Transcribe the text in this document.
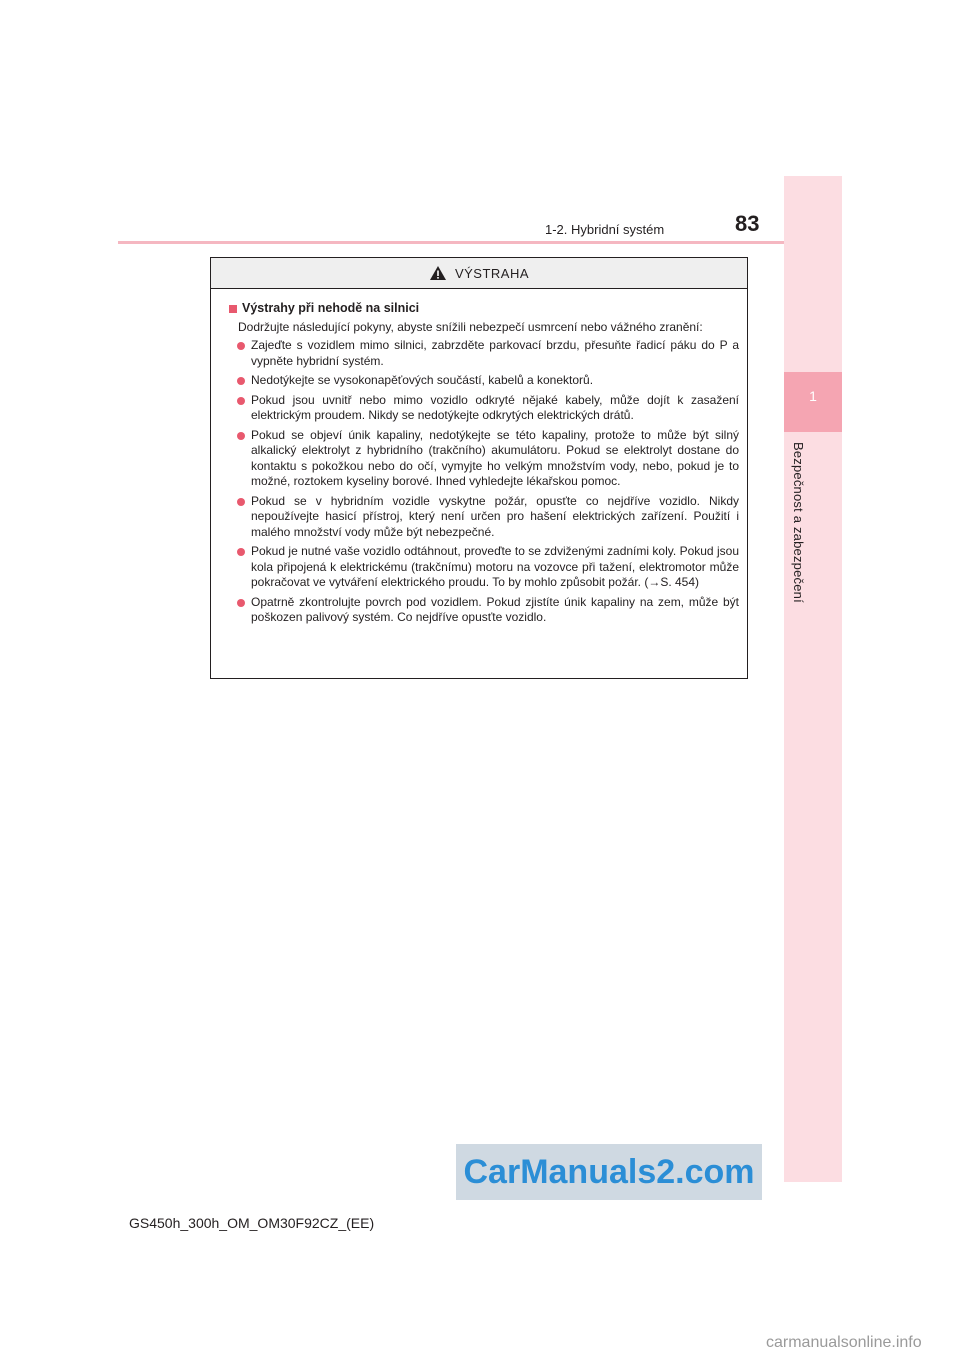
1
Bezpečnost a zabezpečení
1-2. Hybridní systém	83
VÝSTRAHA
Výstrahy při nehodě na silnici
Dodržujte následující pokyny, abyste snížili nebezpečí usmrcení nebo vážného zranění:
Zajeďte s vozidlem mimo silnici, zabrzděte parkovací brzdu, přesuňte řadicí páku do P a vypněte hybridní systém.
Nedotýkejte se vysokonapěťových součástí, kabelů a konektorů.
Pokud jsou uvnitř nebo mimo vozidlo odkryté nějaké kabely, může dojít k zasažení elektrickým proudem. Nikdy se nedotýkejte odkrytých elektrických drátů.
Pokud se objeví únik kapaliny, nedotýkejte se této kapaliny, protože to může být silný alkalický elektrolyt z hybridního (trakčního) akumulátoru. Pokud se elektrolyt dostane do kontaktu s pokožkou nebo do očí, vymyjte ho velkým množstvím vody, nebo, pokud je to možné, roztokem kyseliny borové. Ihned vyhledejte lékařskou pomoc.
Pokud se v hybridním vozidle vyskytne požár, opusťte co nejdříve vozidlo. Nikdy nepoužívejte hasicí přístroj, který není určen pro hašení elektrických zařízení. Použití i malého množství vody může být nebezpečné.
Pokud je nutné vaše vozidlo odtáhnout, proveďte to se zdviženými zadními koly. Pokud jsou kola připojená k elektrickému (trakčnímu) motoru na vozovce při tažení, elektromotor může pokračovat ve vytváření elektrického proudu. To by mohlo způsobit požár. (→S. 454)
Opatrně zkontrolujte povrch pod vozidlem. Pokud zjistíte únik kapaliny na zem, může být poškozen palivový systém. Co nejdříve opusťte vozidlo.
CarManuals2.com
GS450h_300h_OM_OM30F92CZ_(EE)
carmanualsonline.info
